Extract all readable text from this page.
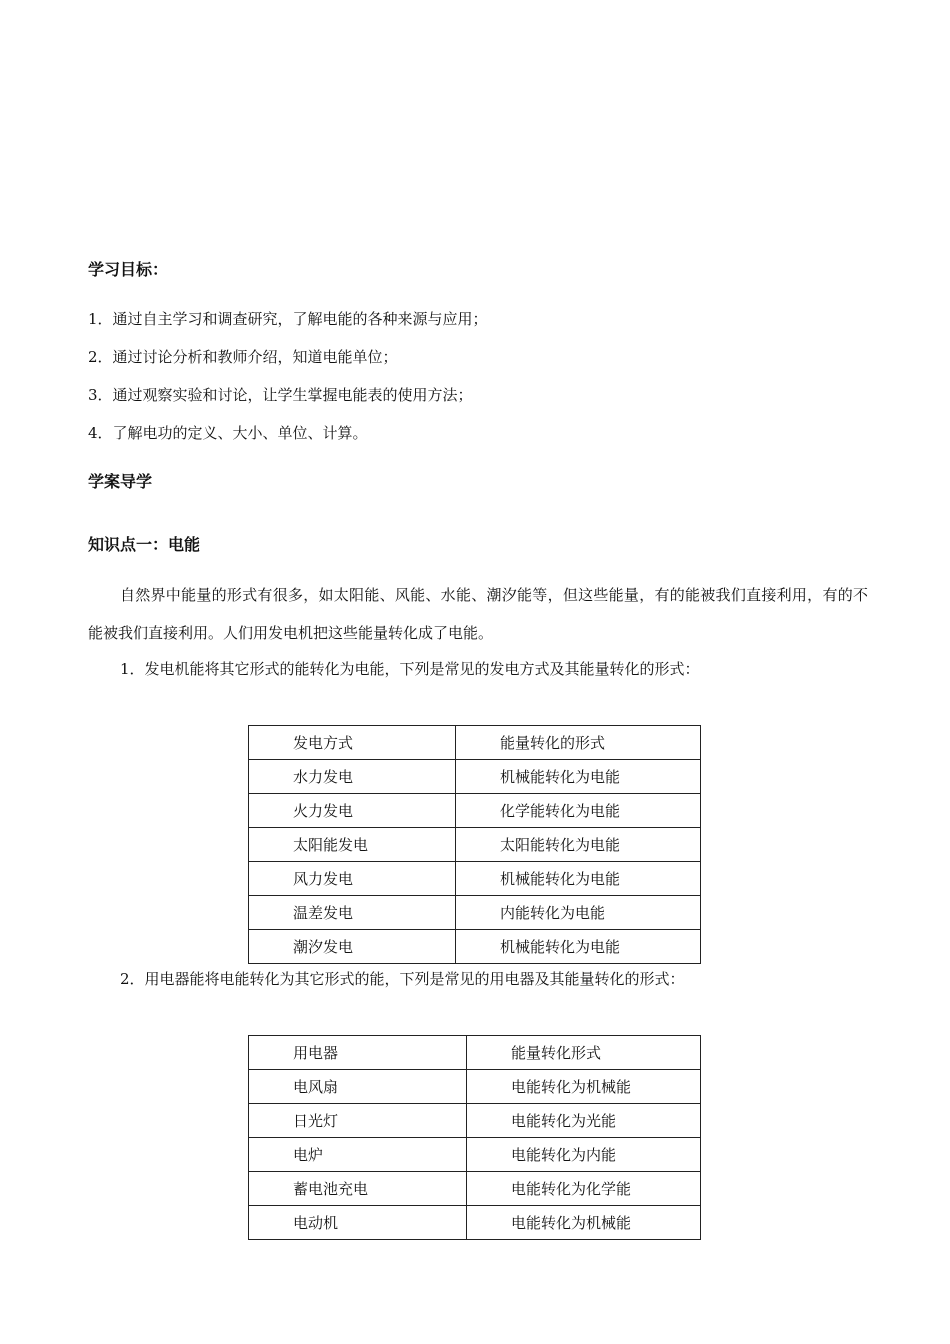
学习目标：

1．通过自主学习和调查研究，了解电能的各种来源与应用；

2．通过讨论分析和教师介绍，知道电能单位；

3．通过观察实验和讨论，让学生掌握电能表的使用方法；

4．了解电功的定义、大小、单位、计算。

学案导学
知识点一：电能

自然界中能量的形式有很多，如太阳能、风能、水能、潮汐能等，但这些能量，有的能被我们直接利用，有的不能被我们直接利用。人们用发电机把这些能量转化成了电能。

1．发电机能将其它形式的能转化为电能，下列是常见的发电方式及其能量转化的形式：

发电方式	能量转化的形式
水力发电	机械能转化为电能
火力发电	化学能转化为电能
太阳能发电	太阳能转化为电能
风力发电	机械能转化为电能
温差发电	内能转化为电能
潮汐发电	机械能转化为电能

2．用电器能将电能转化为其它形式的能，下列是常见的用电器及其能量转化的形式：

用电器	能量转化形式
电风扇	电能转化为机械能
日光灯	电能转化为光能
电炉	电能转化为内能
蓄电池充电	电能转化为化学能
电动机	电能转化为机械能
